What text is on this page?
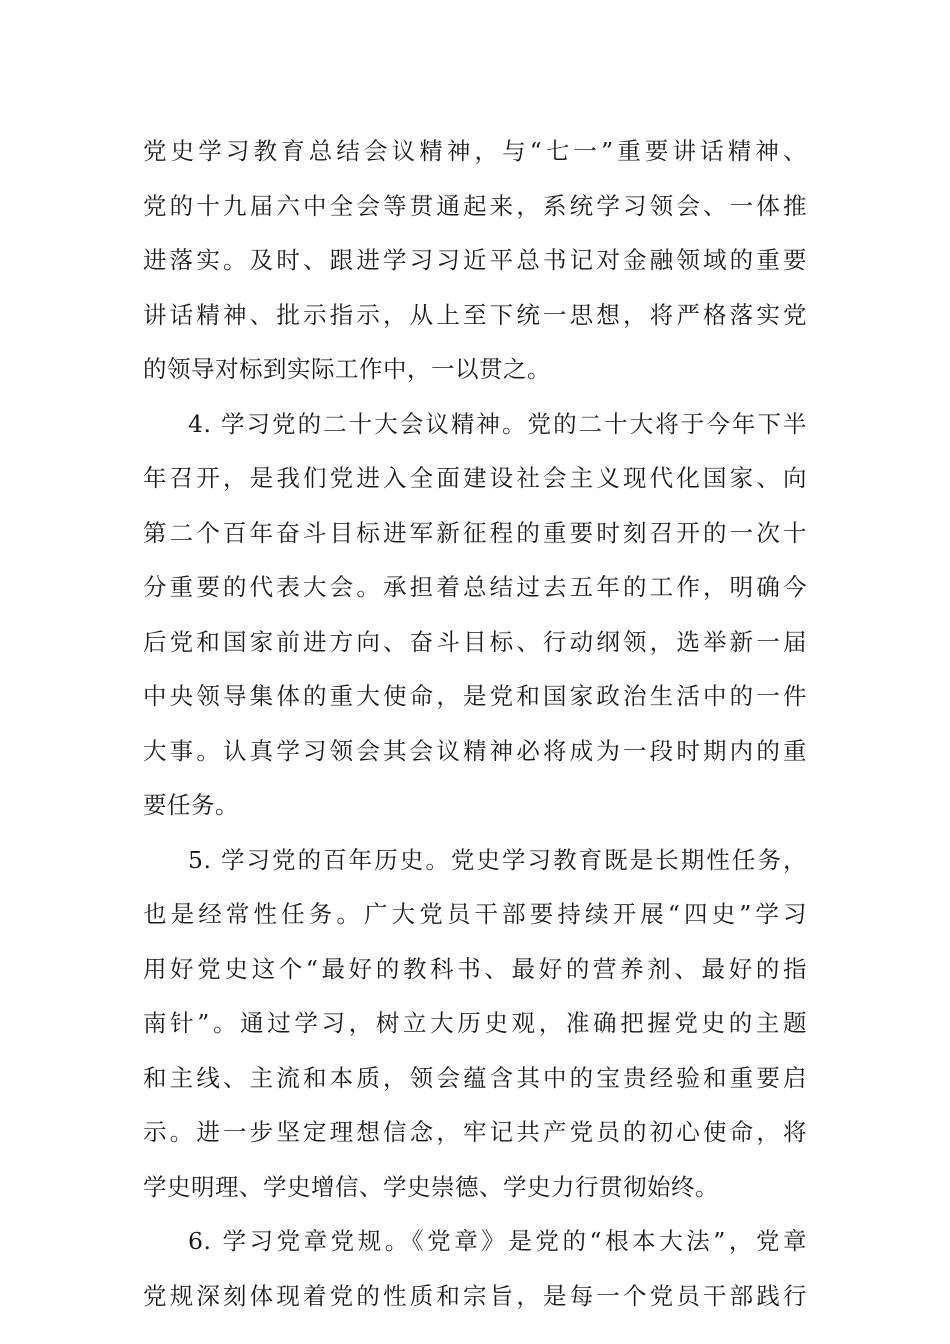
党史学习教育总结会议精神，与“七一”重要讲话精神、
党的十九届六中全会等贯通起来，系统学习领会、一体推
进落实。及时、跟进学习习近平总书记对金融领域的重要
讲话精神、批示指示，从上至下统一思想，将严格落实党
的领导对标到实际工作中，一以贯之。
4. 学习党的二十大会议精神。党的二十大将于今年下半
年召开，是我们党进入全面建设社会主义现代化国家、向
第二个百年奋斗目标进军新征程的重要时刻召开的一次十
分重要的代表大会。承担着总结过去五年的工作，明确今
后党和国家前进方向、奋斗目标、行动纲领，选举新一届
中央领导集体的重大使命，是党和国家政治生活中的一件
大事。认真学习领会其会议精神必将成为一段时期内的重
要任务。
5. 学习党的百年历史。党史学习教育既是长期性任务，
也是经常性任务。广大党员干部要持续开展“四史”学习
用好党史这个“最好的教科书、最好的营养剂、最好的指
南针”。通过学习，树立大历史观，准确把握党史的主题
和主线、主流和本质，领会蕴含其中的宝贵经验和重要启
示。进一步坚定理想信念，牢记共产党员的初心使命，将
学史明理、学史增信、学史崇德、学史力行贯彻始终。
6. 学习党章党规。《党章》是党的“根本大法”，党章
党规深刻体现着党的性质和宗旨，是每一个党员干部践行
